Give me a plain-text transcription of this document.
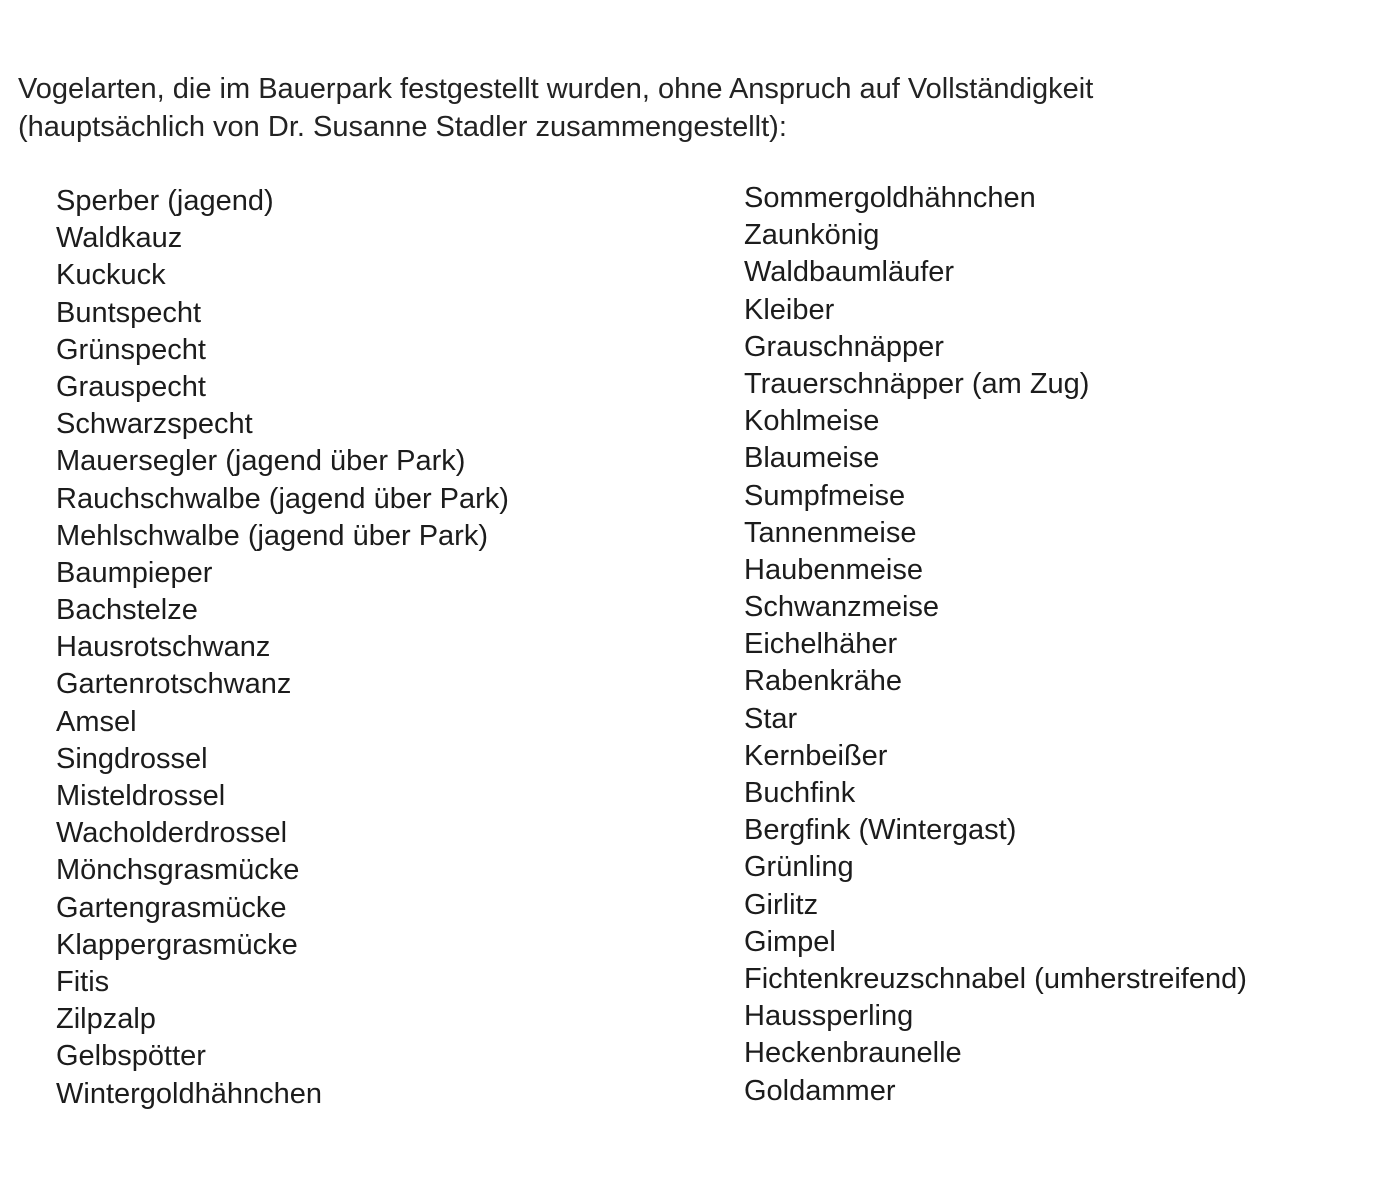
Vogelarten, die im Bauerpark festgestellt wurden, ohne Anspruch auf Vollständigkeit
(hauptsächlich von Dr. Susanne Stadler zusammengestellt):

Sperber (jagend)
Waldkauz
Kuckuck
Buntspecht
Grünspecht
Grauspecht
Schwarzspecht
Mauersegler (jagend über Park)
Rauchschwalbe (jagend über Park)
Mehlschwalbe (jagend über Park)
Baumpieper
Bachstelze
Hausrotschwanz
Gartenrotschwanz
Amsel
Singdrossel
Misteldrossel
Wacholderdrossel
Mönchsgrasmücke
Gartengrasmücke
Klappergrasmücke
Fitis
Zilpzalp
Gelbspötter
Wintergoldhähnchen
Sommergoldhähnchen
Zaunkönig
Waldbaumläufer
Kleiber
Grauschnäpper
Trauerschnäpper (am Zug)
Kohlmeise
Blaumeise
Sumpfmeise
Tannenmeise
Haubenmeise
Schwanzmeise
Eichelhäher
Rabenkrähe
Star
Kernbeißer
Buchfink
Bergfink (Wintergast)
Grünling
Girlitz
Gimpel
Fichtenkreuzschnabel (umherstreifend)
Haussperling
Heckenbraunelle
Goldammer
